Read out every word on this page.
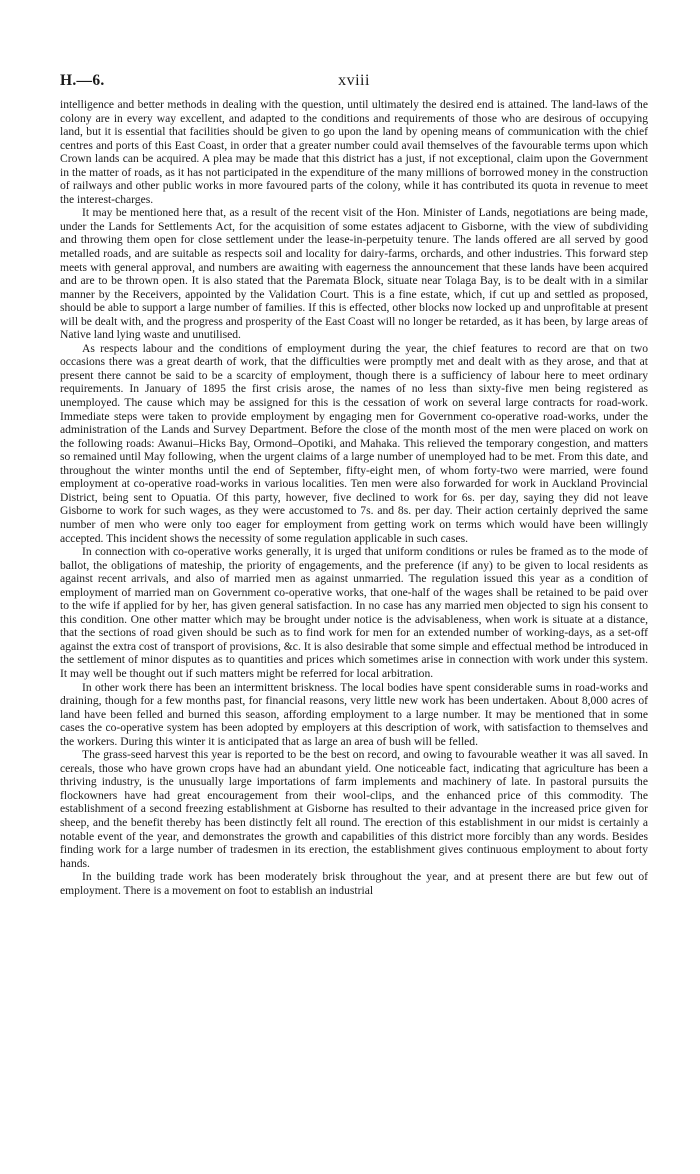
H.—6.	xviii

intelligence and better methods in dealing with the question, until ultimately the desired end is attained. The land-laws of the colony are in every way excellent, and adapted to the conditions and requirements of those who are desirous of occupying land, but it is essential that facilities should be given to go upon the land by opening means of communication with the chief centres and ports of this East Coast, in order that a greater number could avail themselves of the favourable terms upon which Crown lands can be acquired. A plea may be made that this district has a just, if not exceptional, claim upon the Government in the matter of roads, as it has not participated in the expenditure of the many millions of borrowed money in the construction of railways and other public works in more favoured parts of the colony, while it has contributed its quota in revenue to meet the interest-charges.

It may be mentioned here that, as a result of the recent visit of the Hon. Minister of Lands, negotiations are being made, under the Lands for Settlements Act, for the acquisition of some estates adjacent to Gisborne, with the view of subdividing and throwing them open for close settlement under the lease-in-perpetuity tenure. The lands offered are all served by good metalled roads, and are suitable as respects soil and locality for dairy-farms, orchards, and other industries. This forward step meets with general approval, and numbers are awaiting with eagerness the announcement that these lands have been acquired and are to be thrown open. It is also stated that the Paremata Block, situate near Tolaga Bay, is to be dealt with in a similar manner by the Receivers, appointed by the Validation Court. This is a fine estate, which, if cut up and settled as proposed, should be able to support a large number of families. If this is effected, other blocks now locked up and unprofitable at present will be dealt with, and the progress and prosperity of the East Coast will no longer be retarded, as it has been, by large areas of Native land lying waste and unutilised.

As respects labour and the conditions of employment during the year, the chief features to record are that on two occasions there was a great dearth of work, that the difficulties were promptly met and dealt with as they arose, and that at present there cannot be said to be a scarcity of employment, though there is a sufficiency of labour here to meet ordinary requirements. In January of 1895 the first crisis arose, the names of no less than sixty-five men being registered as unemployed. The cause which may be assigned for this is the cessation of work on several large contracts for road-work. Immediate steps were taken to provide employment by engaging men for Government co-operative road-works, under the administration of the Lands and Survey Department. Before the close of the month most of the men were placed on work on the following roads: Awanui–Hicks Bay, Ormond–Opotiki, and Mahaka. This relieved the temporary congestion, and matters so remained until May following, when the urgent claims of a large number of unemployed had to be met. From this date, and throughout the winter months until the end of September, fifty-eight men, of whom forty-two were married, were found employment at co-operative road-works in various localities. Ten men were also forwarded for work in Auckland Provincial District, being sent to Opuatia. Of this party, however, five declined to work for 6s. per day, saying they did not leave Gisborne to work for such wages, as they were accustomed to 7s. and 8s. per day. Their action certainly deprived the same number of men who were only too eager for employment from getting work on terms which would have been willingly accepted. This incident shows the necessity of some regulation applicable in such cases.

In connection with co-operative works generally, it is urged that uniform conditions or rules be framed as to the mode of ballot, the obligations of mateship, the priority of engagements, and the preference (if any) to be given to local residents as against recent arrivals, and also of married men as against unmarried. The regulation issued this year as a condition of employment of married man on Government co-operative works, that one-half of the wages shall be retained to be paid over to the wife if applied for by her, has given general satisfaction. In no case has any married men objected to sign his consent to this condition. One other matter which may be brought under notice is the advisableness, when work is situate at a distance, that the sections of road given should be such as to find work for men for an extended number of working-days, as a set-off against the extra cost of transport of provisions, &c. It is also desirable that some simple and effectual method be introduced in the settlement of minor disputes as to quantities and prices which sometimes arise in connection with work under this system. It may well be thought out if such matters might be referred for local arbitration.

In other work there has been an intermittent briskness. The local bodies have spent considerable sums in road-works and draining, though for a few months past, for financial reasons, very little new work has been undertaken. About 8,000 acres of land have been felled and burned this season, affording employment to a large number. It may be mentioned that in some cases the co-operative system has been adopted by employers at this description of work, with satisfaction to themselves and the workers. During this winter it is anticipated that as large an area of bush will be felled.

The grass-seed harvest this year is reported to be the best on record, and owing to favourable weather it was all saved. In cereals, those who have grown crops have had an abundant yield. One noticeable fact, indicating that agriculture has been a thriving industry, is the unusually large importations of farm implements and machinery of late. In pastoral pursuits the flockowners have had great encouragement from their wool-clips, and the enhanced price of this commodity. The establishment of a second freezing establishment at Gisborne has resulted to their advantage in the increased price given for sheep, and the benefit thereby has been distinctly felt all round. The erection of this establishment in our midst is certainly a notable event of the year, and demonstrates the growth and capabilities of this district more forcibly than any words. Besides finding work for a large number of tradesmen in its erection, the establishment gives continuous employment to about forty hands.

In the building trade work has been moderately brisk throughout the year, and at present there are but few out of employment. There is a movement on foot to establish an industrial
